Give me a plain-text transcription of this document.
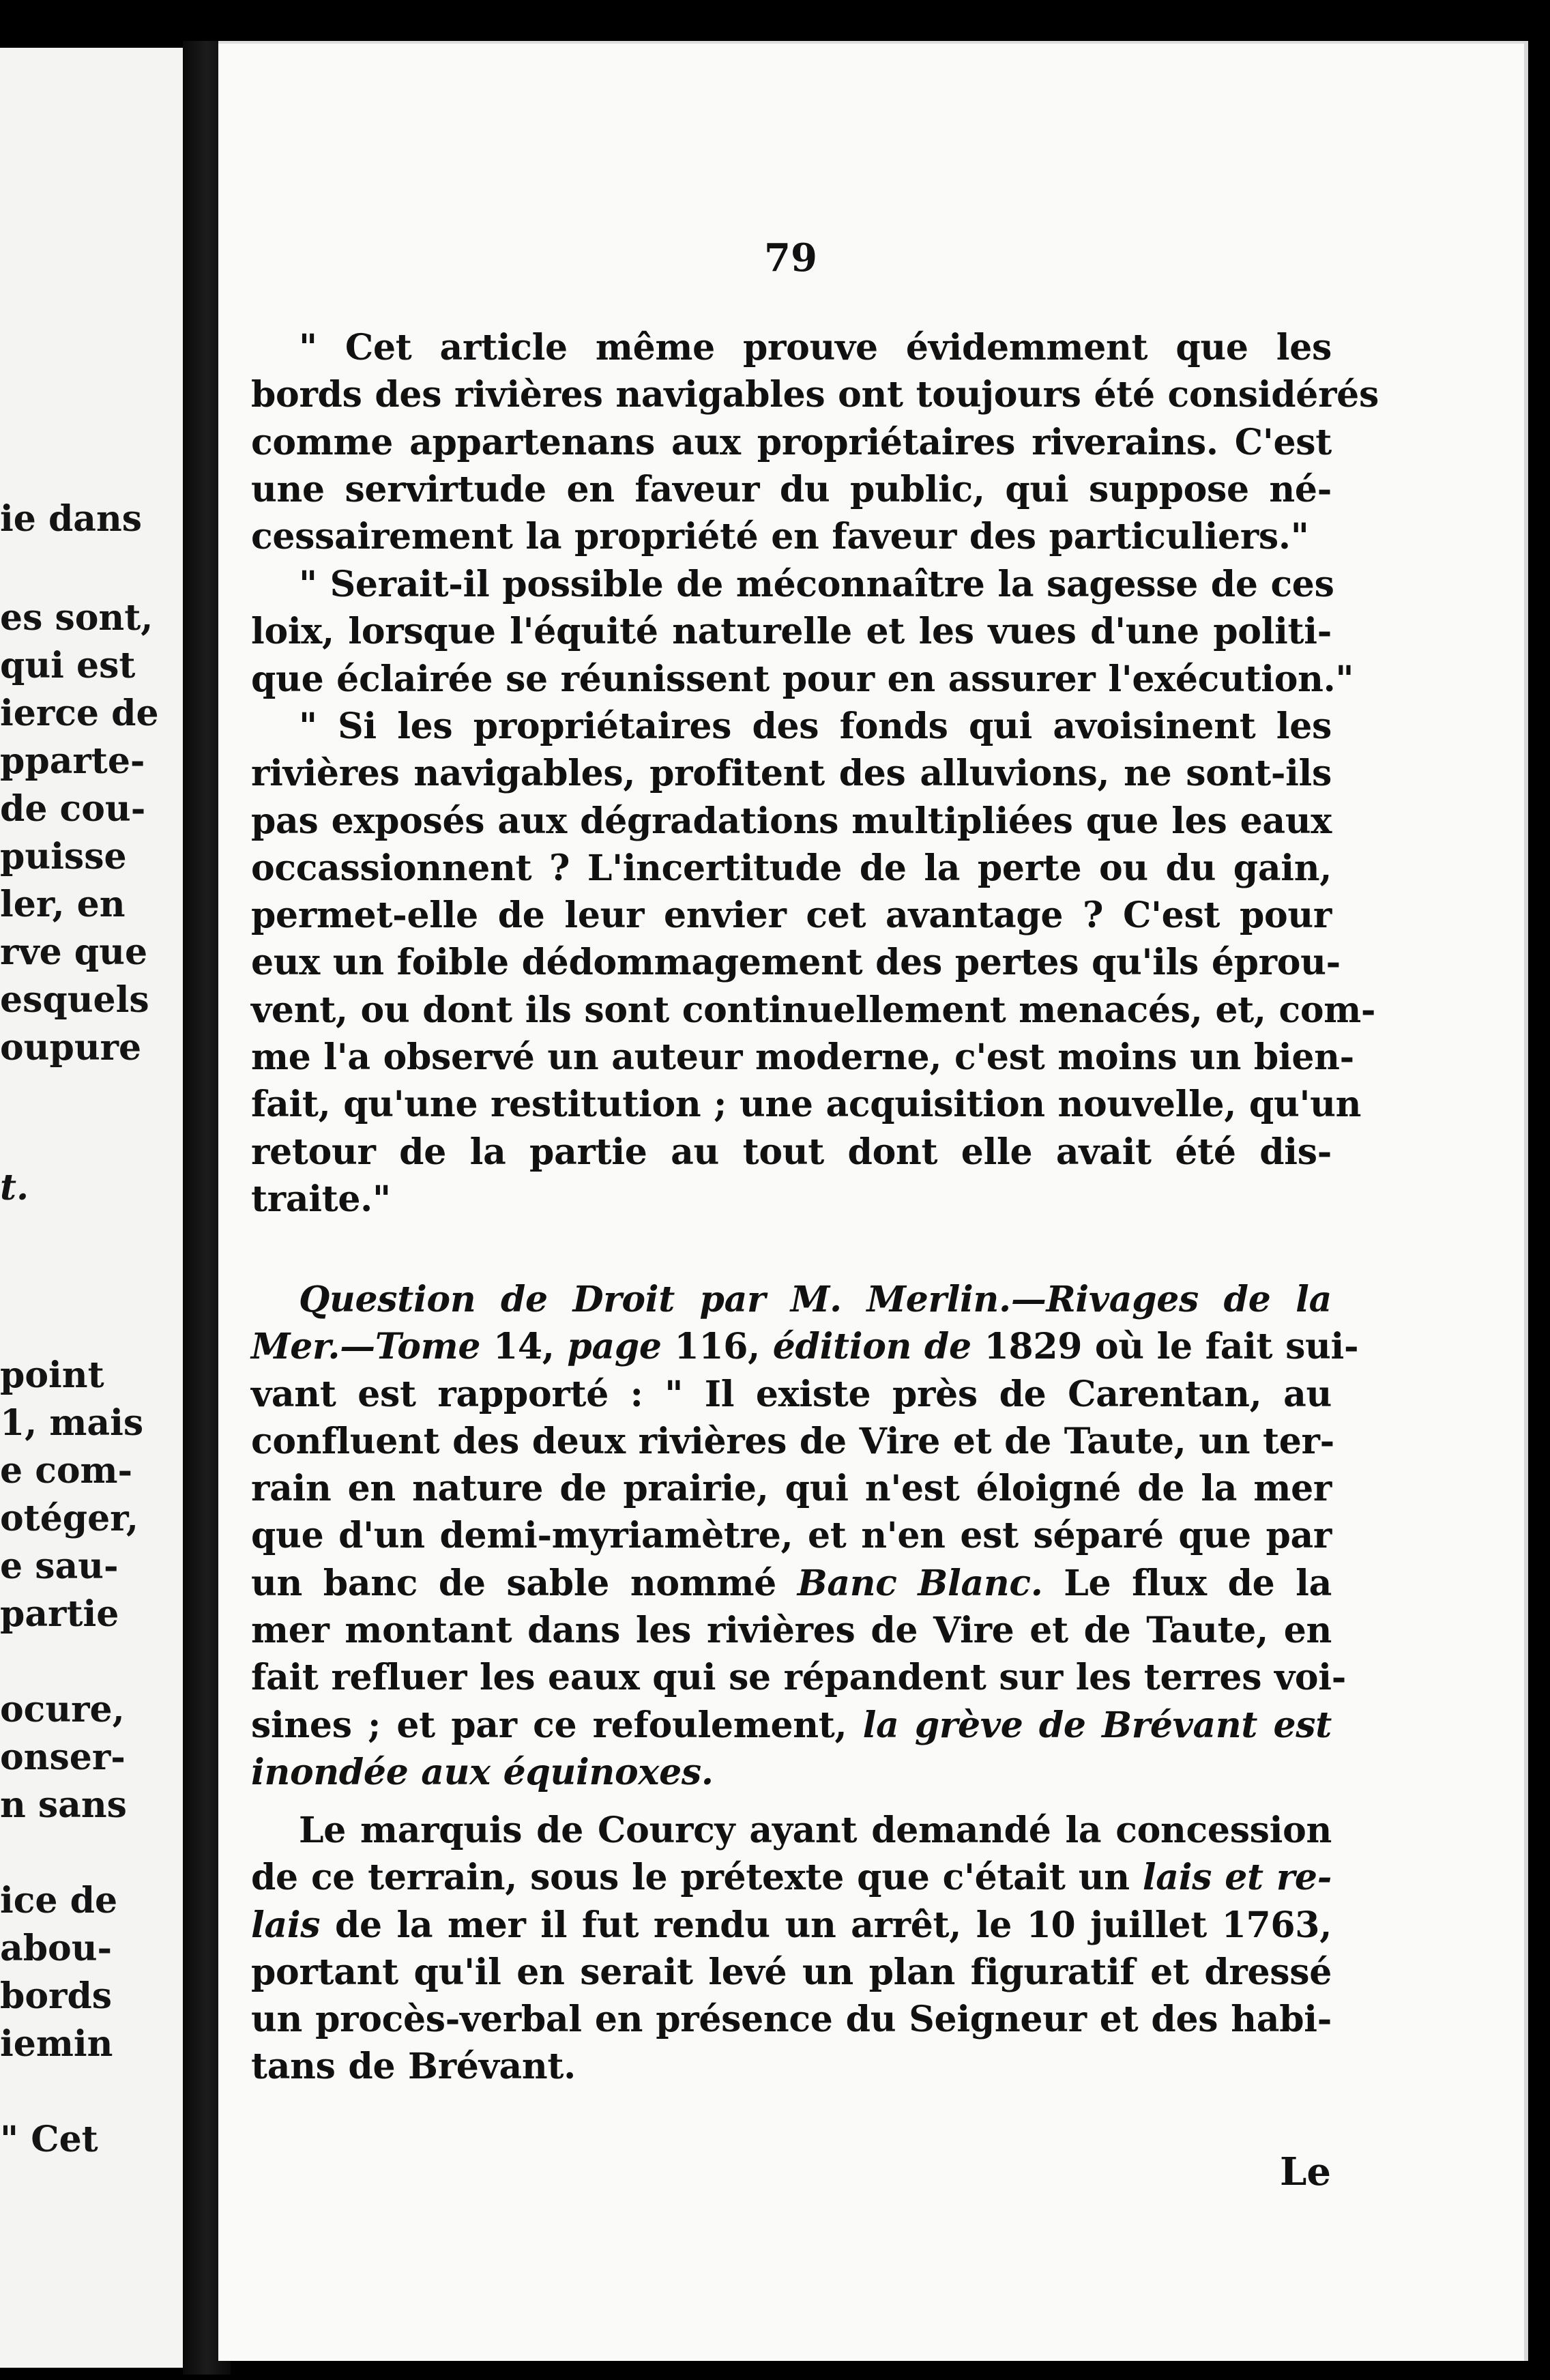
ie dans
es sont,
qui est
ierce de
pparte-
de cou-
puisse
ler, en
rve que
esquels
oupure
t.
point
1, mais
e com-
otéger,
e sau-
partie
ocure,
onser-
n sans
ice de
abou-
bords
iemin
" Cet
79
" Cet article même prouve évidemment que les
bords des rivières navigables ont toujours été considérés
comme appartenans aux propriétaires riverains. C'est
une servirtude en faveur du public, qui suppose né-
cessairement la propriété en faveur des particuliers."
" Serait-il possible de méconnaître la sagesse de ces
loix, lorsque l'équité naturelle et les vues d'une politi-
que éclairée se réunissent pour en assurer l'exécution."
" Si les propriétaires des fonds qui avoisinent les
rivières navigables, profitent des alluvions, ne sont-ils
pas exposés aux dégradations multipliées que les eaux
occassionnent ? L'incertitude de la perte ou du gain,
permet-elle de leur envier cet avantage ? C'est pour
eux un foible dédommagement des pertes qu'ils éprou-
vent, ou dont ils sont continuellement menacés, et, com-
me l'a observé un auteur moderne, c'est moins un bien-
fait, qu'une restitution ; une acquisition nouvelle, qu'un
retour de la partie au tout dont elle avait été dis-
traite."
Question de Droit par M. Merlin.—Rivages de la
Mer.—Tome 14, page 116, édition de 1829 où le fait sui-
vant est rapporté : " Il existe près de Carentan, au
confluent des deux rivières de Vire et de Taute, un ter-
rain en nature de prairie, qui n'est éloigné de la mer
que d'un demi-myriamètre, et n'en est séparé que par
un banc de sable nommé Banc Blanc. Le flux de la
mer montant dans les rivières de Vire et de Taute, en
fait refluer les eaux qui se répandent sur les terres voi-
sines ; et par ce refoulement, la grève de Brévant est
inondée aux équinoxes.
Le marquis de Courcy ayant demandé la concession
de ce terrain, sous le prétexte que c'était un lais et re-
lais de la mer il fut rendu un arrêt, le 10 juillet 1763,
portant qu'il en serait levé un plan figuratif et dressé
un procès-verbal en présence du Seigneur et des habi-
tans de Brévant.
Le
